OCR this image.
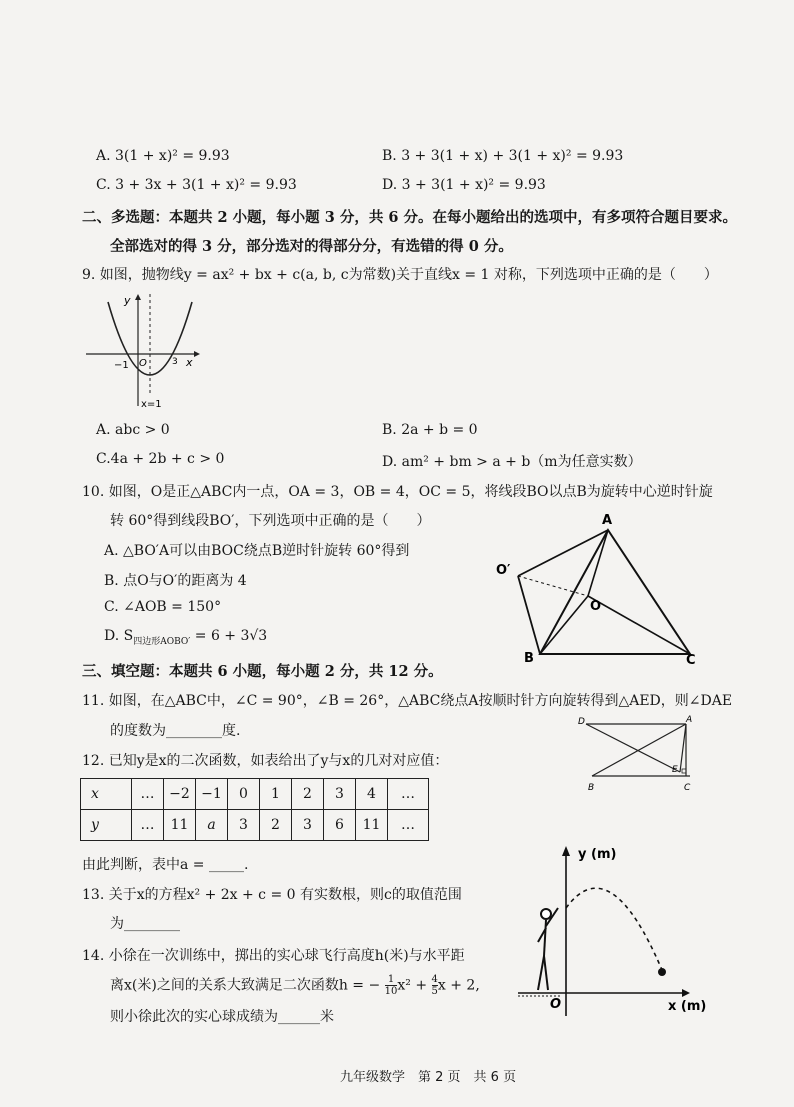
A. 3(1 + x)² = 9.93	B. 3 + 3(1 + x) + 3(1 + x)² = 9.93
C. 3 + 3x + 3(1 + x)² = 9.93	D. 3 + 3(1 + x)² = 9.93
二、多选题：本题共 2 小题，每小题 3 分，共 6 分。在每小题给出的选项中，有多项符合题目要求。
全部选对的得 3 分，部分选对的得部分分，有选错的得 0 分。
9. 如图，抛物线y = ax² + bx + c(a, b, c为常数)关于直线x = 1 对称，下列选项中正确的是（　　）
y
x
−1 O	3
x=1
A. abc > 0	B. 2a + b = 0
C.4a + 2b + c > 0	D. am² + bm > a + b（m为任意实数）
10. 如图，O是正△ABC内一点，OA = 3，OB = 4，OC = 5，将线段BO以点B为旋转中心逆时针旋
转 60°得到线段BO′，下列选项中正确的是（　　）
A. △BO′A可以由BOC绕点B逆时针旋转 60°得到
B. 点O与O′的距离为 4
C. ∠AOB = 150°
D. $S_{四边形AOBO'} = 6 + 3√3$
A
B	C
O
O′
三、填空题：本题共 6 小题，每小题 2 分，共 12 分。
11. 如图，在△ABC中，∠C = 90°，∠B = 26°，△ABC绕点A按顺时针方向旋转得到△AED，则∠DAE
的度数为________度.
D	A
E
B	C
12. 已知y是x的二次函数，如表给出了y与x的几对对应值：
x	…	−2	−1	0	1	2	3	4	…
y	…	11	a	3	2	3	6	11	…
由此判断，表中a = _____.
13. 关于x的方程x² + 2x + c = 0 有实数根，则c的取值范围
为________
14. 小徐在一次训练中，掷出的实心球飞行高度h(米)与水平距
离x(米)之间的关系大致满足二次函数h = − $\frac{1}{10} x^2 + \frac{4}{5}$ x + 2,
则小徐此次的实心球成绩为______米
y (m)
x (m)
O
九年级数学　第 2 页　共 6 页
